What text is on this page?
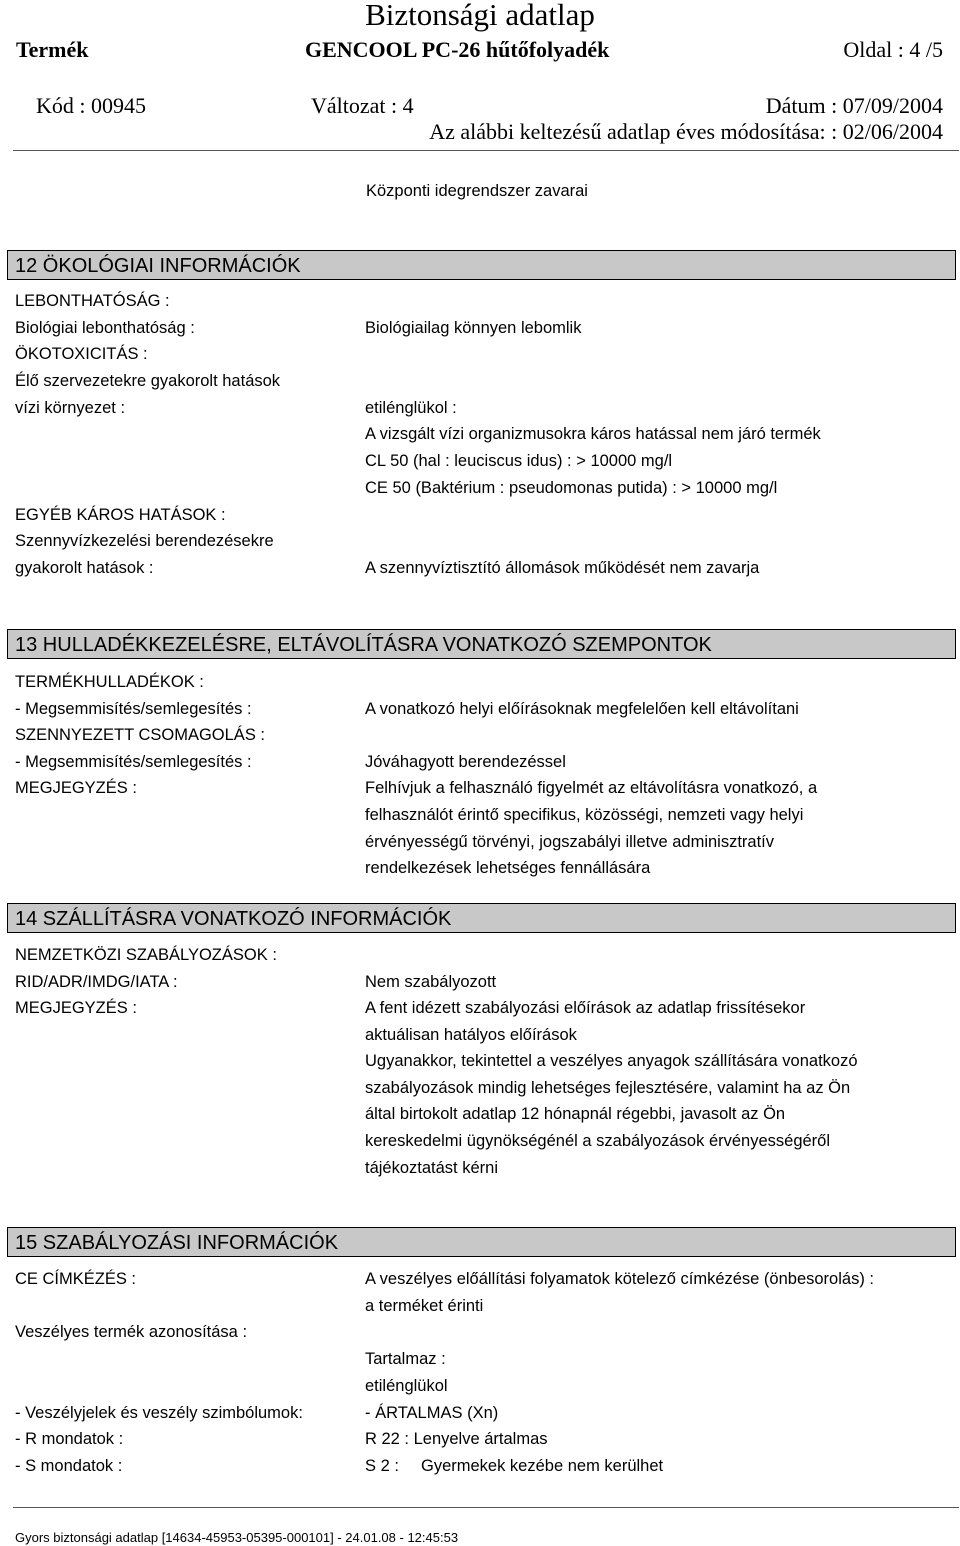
Biztonsági adatlap
Termék	GENCOOL PC-26 hűtőfolyadék	Oldal : 4 /5
Kód : 00945	Változat : 4	Dátum : 07/09/2004
Az alábbi keltezésű adatlap éves módosítása: : 02/06/2004
Központi idegrendszer zavarai
12 ÖKOLÓGIAI INFORMÁCIÓK
LEBONTHATÓSÁG :
Biológiai lebonthatóság :	Biológiailag könnyen lebomlik
ÖKOTOXICITÁS :
Élő szervezetekre gyakorolt hatások
vízi környezet :	etilénglükol :
A vizsgált vízi organizmusokra káros hatással nem járó termék
CL 50 (hal : leuciscus idus) : > 10000 mg/l
CE 50 (Baktérium : pseudomonas putida) : > 10000 mg/l
EGYÉB KÁROS HATÁSOK :
Szennyvízkezelési berendezésekre
gyakorolt hatások :	A szennyvíztisztító állomások működését nem zavarja
13 HULLADÉKKEZELÉSRE, ELTÁVOLÍTÁSRA VONATKOZÓ SZEMPONTOK
TERMÉKHULLADÉKOK :
- Megsemmisítés/semlegesítés :	A vonatkozó helyi előírásoknak megfelelően kell eltávolítani
SZENNYEZETT CSOMAGOLÁS :
- Megsemmisítés/semlegesítés :	Jóváhagyott berendezéssel
MEGJEGYZÉS :	Felhívjuk a felhasználó figyelmét az eltávolításra vonatkozó, a
felhasználót érintő specifikus, közösségi, nemzeti vagy helyi
érvényességű törvényi, jogszabályi illetve adminisztratív
rendelkezések lehetséges fennállására
14 SZÁLLÍTÁSRA VONATKOZÓ INFORMÁCIÓK
NEMZETKÖZI SZABÁLYOZÁSOK :
RID/ADR/IMDG/IATA :	Nem szabályozott
MEGJEGYZÉS :	A fent idézett szabályozási előírások az adatlap frissítésekor
aktuálisan hatályos előírások
Ugyanakkor, tekintettel a veszélyes anyagok szállítására vonatkozó
szabályozások mindig lehetséges fejlesztésére, valamint ha az Ön
által birtokolt adatlap 12 hónapnál régebbi, javasolt az Ön
kereskedelmi ügynökségénél a szabályozások érvényességéről
tájékoztatást kérni
15 SZABÁLYOZÁSI INFORMÁCIÓK
CE CÍMKÉZÉS :	A veszélyes előállítási folyamatok kötelező címkézése (önbesorolás) :
a terméket érinti
Veszélyes termék azonosítása :
Tartalmaz :
etilénglükol
- Veszélyjelek és veszély szimbólumok:	- ÁRTALMAS (Xn)
- R mondatok :	R 22 : Lenyelve ártalmas
- S mondatok :	S 2 : Gyermekek kezébe nem kerülhet
Gyors biztonsági adatlap [14634-45953-05395-000101] - 24.01.08 - 12:45:53
